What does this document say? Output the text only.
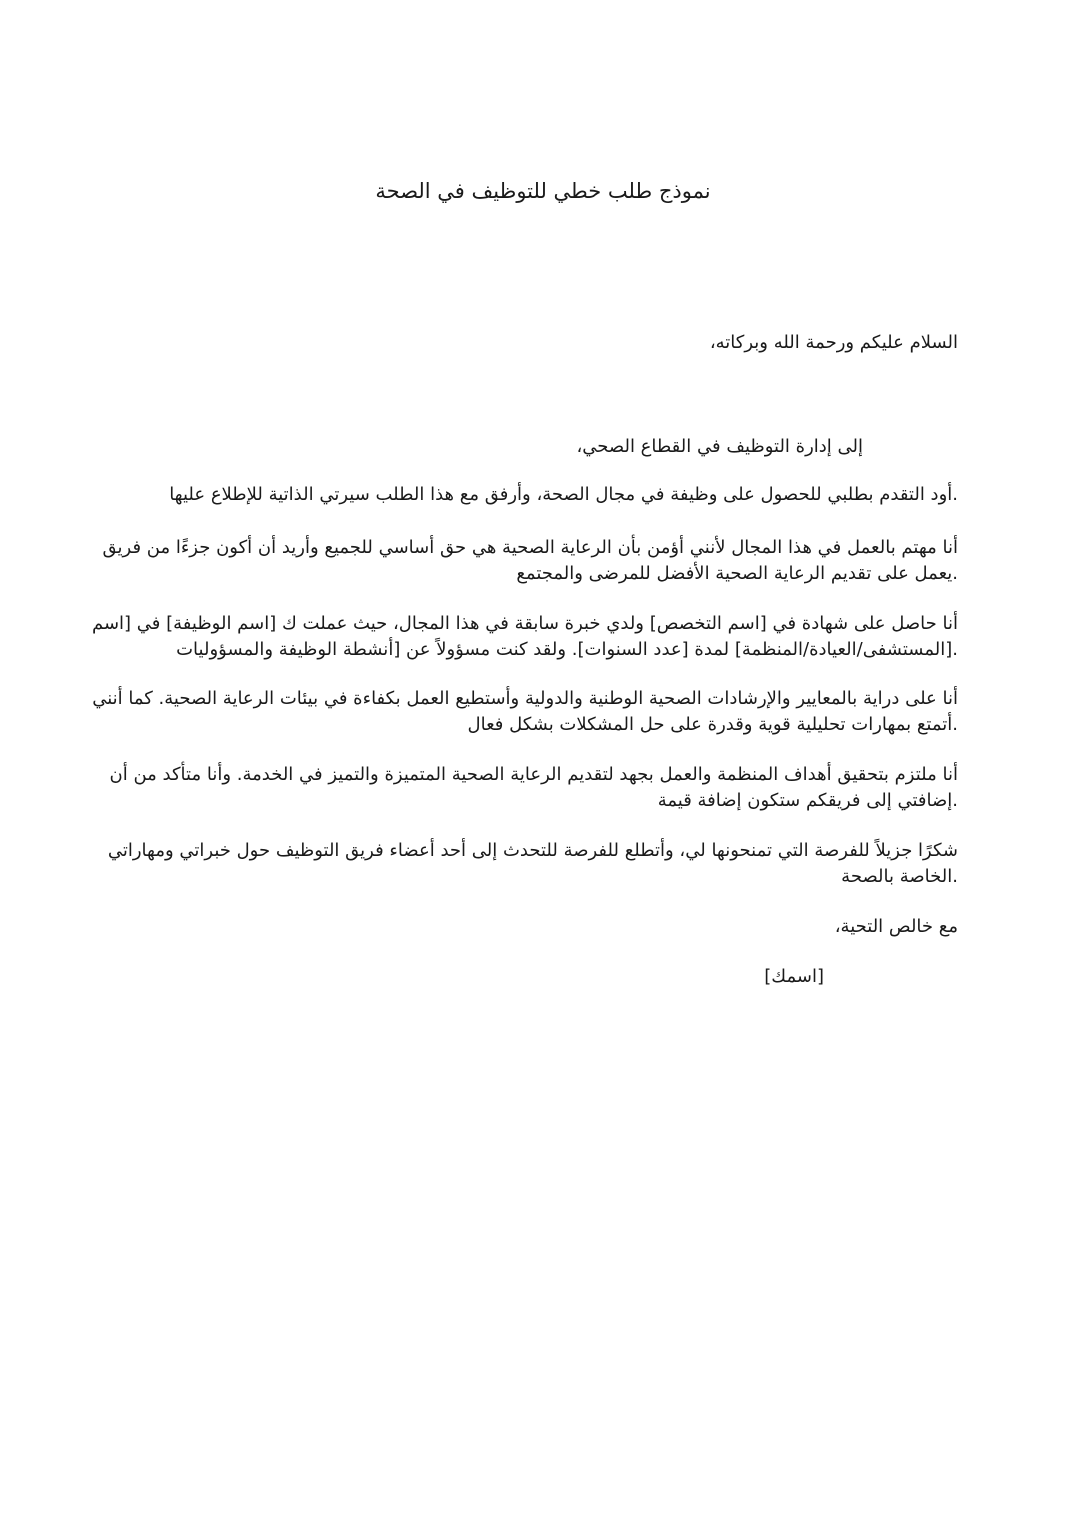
نموذج طلب خطي للتوظيف في الصحة

السلام عليكم ورحمة الله وبركاته،

إلى إدارة التوظيف في القطاع الصحي،

.أود التقدم بطلبي للحصول على وظيفة في مجال الصحة، وأرفق مع هذا الطلب سيرتي الذاتية للإطلاع عليها

أنا مهتم بالعمل في هذا المجال لأنني أؤمن بأن الرعاية الصحية هي حق أساسي للجميع وأريد أن أكون جزءًا من فريق

.يعمل على تقديم الرعاية الصحية الأفضل للمرضى والمجتمع

أنا حاصل على شهادة في [اسم التخصص] ولدي خبرة سابقة في هذا المجال، حيث عملت ك [اسم الوظيفة] في [اسم

.[المستشفى/العيادة/المنظمة] لمدة [عدد السنوات]. ولقد كنت مسؤولاً عن [أنشطة الوظيفة والمسؤوليات

أنا على دراية بالمعايير والإرشادات الصحية الوطنية والدولية وأستطيع العمل بكفاءة في بيئات الرعاية الصحية. كما أنني

.أتمتع بمهارات تحليلية قوية وقدرة على حل المشكلات بشكل فعال

أنا ملتزم بتحقيق أهداف المنظمة والعمل بجهد لتقديم الرعاية الصحية المتميزة والتميز في الخدمة. وأنا متأكد من أن

.إضافتي إلى فريقكم ستكون إضافة قيمة

شكرًا جزيلاً للفرصة التي تمنحونها لي، وأتطلع للفرصة للتحدث إلى أحد أعضاء فريق التوظيف حول خبراتي ومهاراتي

.الخاصة بالصحة

مع خالص التحية،

[اسمك]
